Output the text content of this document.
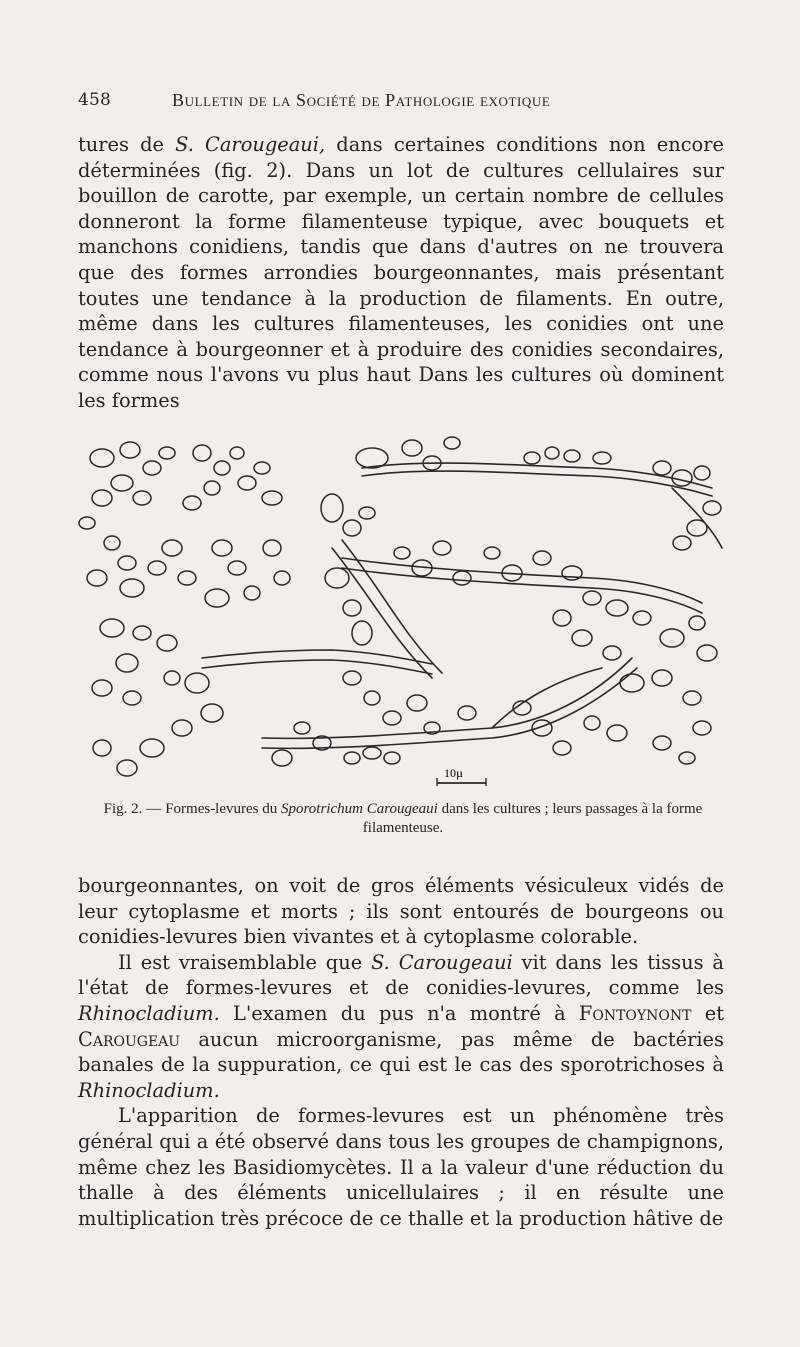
458	Bulletin de la Société de Pathologie exotique

tures de S. Carougeaui, dans certaines conditions non encore déterminées (fig. 2). Dans un lot de cultures cellulaires sur bouillon de carotte, par exemple, un certain nombre de cellules donneront la forme filamenteuse typique, avec bouquets et manchons conidiens, tandis que dans d'autres on ne trouvera que des formes arrondies bourgeonnantes, mais présentant toutes une tendance à la production de filaments. En outre, même dans les cultures filamenteuses, les conidies ont une tendance à bourgeonner et à produire des conidies secondaires, comme nous l'avons vu plus haut Dans les cultures où dominent les formes

10µ
Fig. 2. — Formes-levures du Sporotrichum Carougeaui dans les cultures ; leurs passages à la forme filamenteuse.

bourgeonnantes, on voit de gros éléments vésiculeux vidés de leur cytoplasme et morts ; ils sont entourés de bourgeons ou conidies-levures bien vivantes et à cytoplasme colorable.

Il est vraisemblable que S. Carougeaui vit dans les tissus à l'état de formes-levures et de conidies-levures, comme les Rhinocladium. L'examen du pus n'a montré à Fontoynont et Carougeau aucun microorganisme, pas même de bactéries banales de la suppuration, ce qui est le cas des sporotrichoses à Rhinocladium.

L'apparition de formes-levures est un phénomène très général qui a été observé dans tous les groupes de champignons, même chez les Basidiomycètes. Il a la valeur d'une réduction du thalle à des éléments unicellulaires ; il en résulte une multiplication très précoce de ce thalle et la production hâtive de
